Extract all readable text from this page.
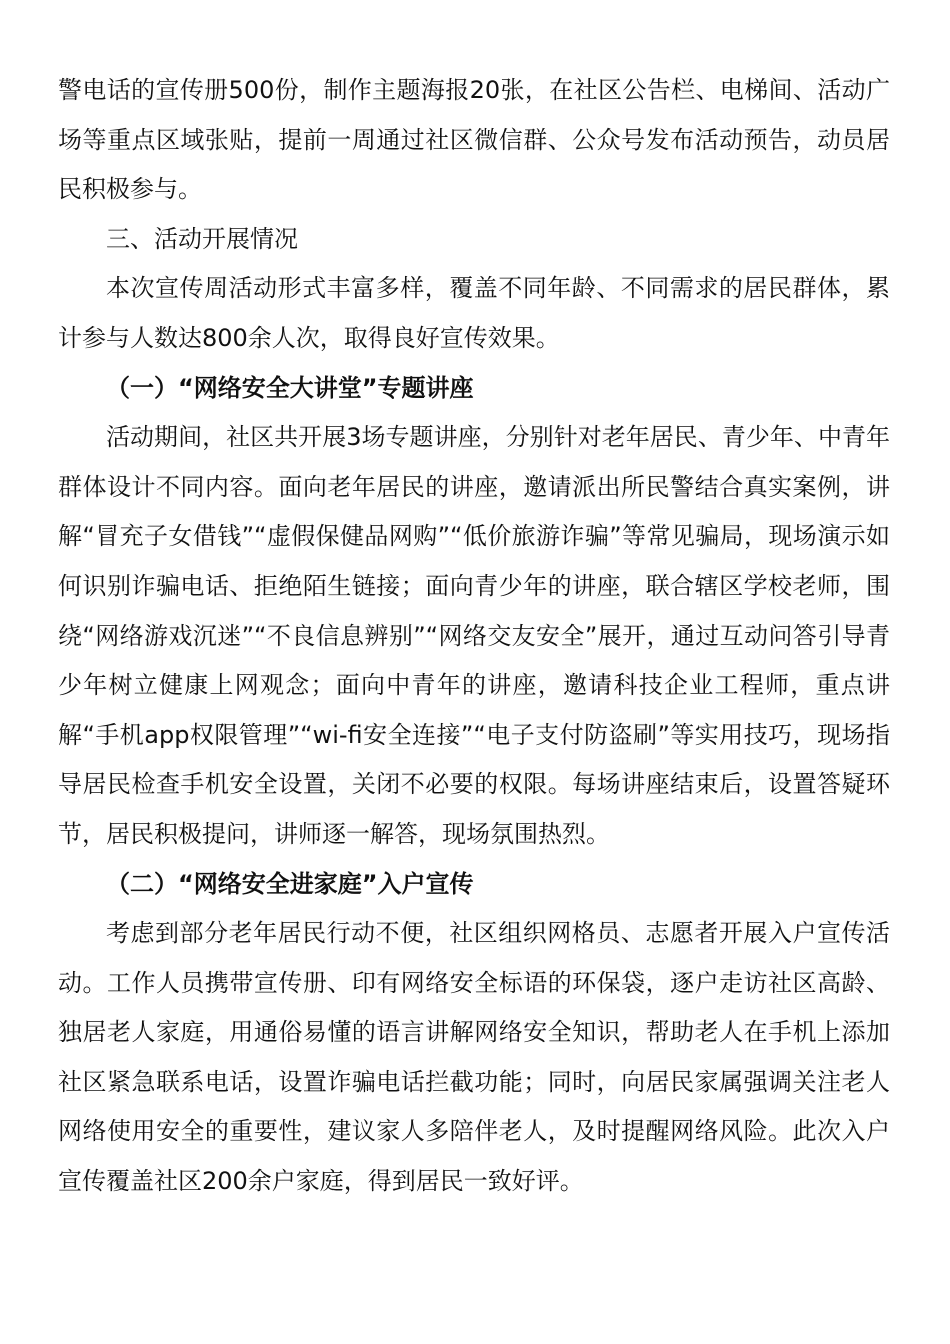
警电话的宣传册500份，制作主题海报20张，在社区公告栏、电梯间、活动广场等重点区域张贴，提前一周通过社区微信群、公众号发布活动预告，动员居民积极参与。

三、活动开展情况

本次宣传周活动形式丰富多样，覆盖不同年龄、不同需求的居民群体，累计参与人数达800余人次，取得良好宣传效果。

（一）“网络安全大讲堂”专题讲座

活动期间，社区共开展3场专题讲座，分别针对老年居民、青少年、中青年群体设计不同内容。面向老年居民的讲座，邀请派出所民警结合真实案例，讲解“冒充子女借钱”“虚假保健品网购”“低价旅游诈骗”等常见骗局，现场演示如何识别诈骗电话、拒绝陌生链接；面向青少年的讲座，联合辖区学校老师，围绕“网络游戏沉迷”“不良信息辨别”“网络交友安全”展开，通过互动问答引导青少年树立健康上网观念；面向中青年的讲座，邀请科技企业工程师，重点讲解“手机app权限管理”“wi-fi安全连接”“电子支付防盗刷”等实用技巧，现场指导居民检查手机安全设置，关闭不必要的权限。每场讲座结束后，设置答疑环节，居民积极提问，讲师逐一解答，现场氛围热烈。

（二）“网络安全进家庭”入户宣传

考虑到部分老年居民行动不便，社区组织网格员、志愿者开展入户宣传活动。工作人员携带宣传册、印有网络安全标语的环保袋，逐户走访社区高龄、独居老人家庭，用通俗易懂的语言讲解网络安全知识，帮助老人在手机上添加社区紧急联系电话，设置诈骗电话拦截功能；同时，向居民家属强调关注老人网络使用安全的重要性，建议家人多陪伴老人，及时提醒网络风险。此次入户宣传覆盖社区200余户家庭，得到居民一致好评。
